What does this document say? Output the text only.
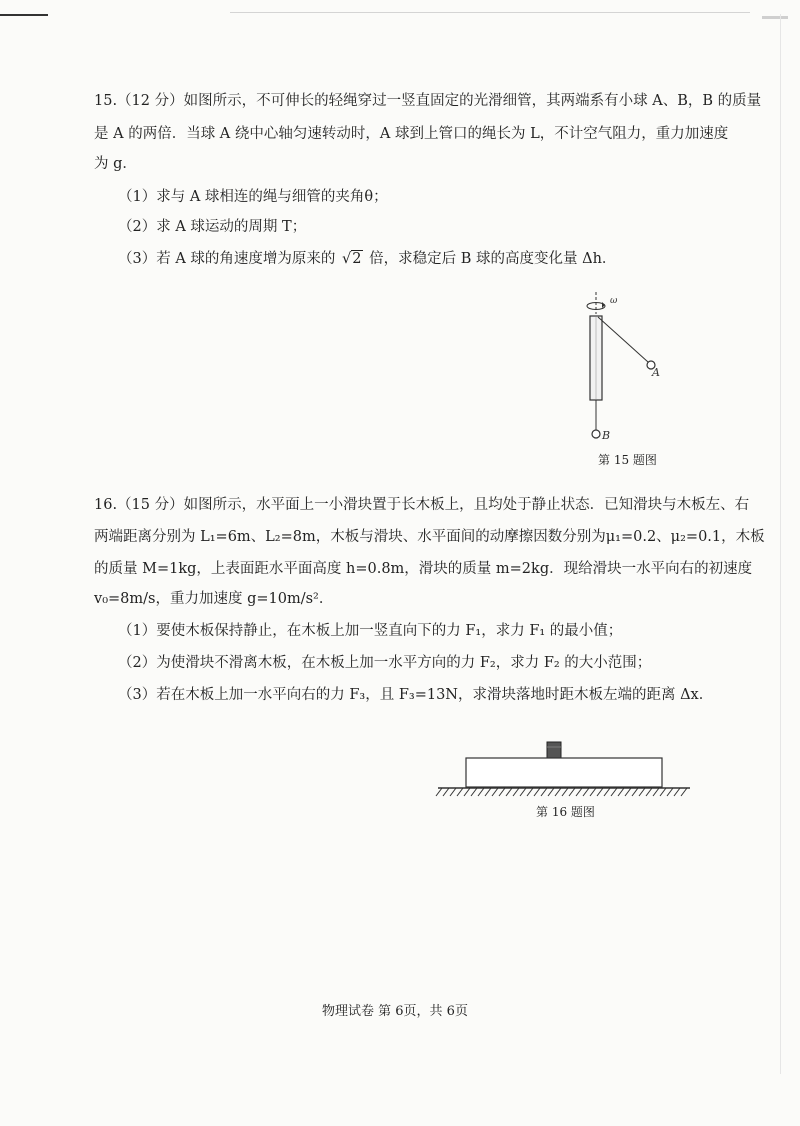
15.（12 分）如图所示，不可伸长的轻绳穿过一竖直固定的光滑细管，其两端系有小球 A、B，B 的质量
是 A 的两倍．当球 A 绕中心轴匀速转动时，A 球到上管口的绳长为 L，不计空气阻力，重力加速度
为 g．
（1）求与 A 球相连的绳与细管的夹角θ；
（2）求 A 球运动的周期 T；
（3）若 A 球的角速度增为原来的 √2 倍，求稳定后 B 球的高度变化量 Δh．
ω
A
B
第 15 题图
16.（15 分）如图所示，水平面上一小滑块置于长木板上，且均处于静止状态．已知滑块与木板左、右
两端距离分别为 L₁=6m、L₂=8m，木板与滑块、水平面间的动摩擦因数分别为μ₁=0.2、μ₂=0.1，木板
的质量 M=1kg，上表面距水平面高度 h=0.8m，滑块的质量 m=2kg．现给滑块一水平向右的初速度
v₀=8m/s，重力加速度 g=10m/s²．
（1）要使木板保持静止，在木板上加一竖直向下的力 F₁，求力 F₁ 的最小值；
（2）为使滑块不滑离木板，在木板上加一水平方向的力 F₂，求力 F₂ 的大小范围；
（3）若在木板上加一水平向右的力 F₃，且 F₃=13N，求滑块落地时距木板左端的距离 Δx．
第 16 题图
物理试卷 第 6页，共 6页
